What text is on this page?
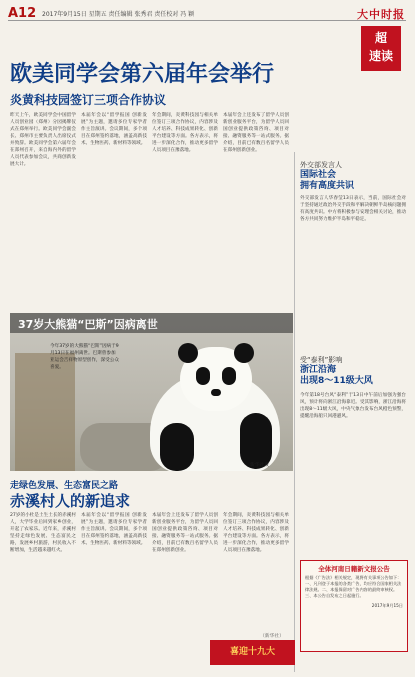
A12 2017年9月15日 星期五 责任编辑 张秀君 责任校对 冯 颖	大中时报
超
速读
欧美同学会第六届年会举行
炎黄科技园签订三项合作协议
昨天上午，欧美同学会中国留学人员创业园（郑州）分园揭牌仪式在郑州举行。欧美同学会副会长、郑州市主要负责人出席仪式并致辞。欧美同学会第六届年会在郑州召开，来自海内外的留学人员代表参加会议，共商创新发展大计。
本届年会以“留学报国 创新发展”为主题，邀请多位专家学者作主旨演讲。会议期间，多个项目在郑州签约落地，涵盖高新技术、生物医药、新材料等领域。
年会期间，炎黄科技园与相关单位签订三项合作协议，内容涉及人才培养、科技成果转化、创新平台建设等方面。各方表示，将进一步深化合作，推动更多留学人员项目在豫落地。
本届年会上还发布了留学人员创新创业服务平台，为留学人员回国创业提供政策咨询、项目对接、融资服务等一站式服务。据介绍，目前已有数百名留学人员在郑州创新创业。
外交部发言人
国际社会
拥有高度共识
外交部发言人华春莹13日表示，当前，国际社会对于坚持通过政治外交手段和平解决朝鲜半岛核问题拥有高度共识。中方将积极参与安理会相关讨论，推动各方共同努力维护半岛和平稳定。
受“泰利”影响
浙江沿海
出现8～11级大风
今年第18号台风“泰利”于13日中午前后加强为强台风，预计将向浙江沿海靠近。受其影响，浙江沿海将出现8～11级大风，中央气象台发布台风橙色预警，提醒沿海船只回港避风。
今年37岁的大熊猫“巴斯”因病于9月13日在福州离世。巴斯曾参加亚运会吉祥物原型创作，深受公众喜爱。
37岁大熊猫“巴斯”因病离世
新华社发
走绿色发展、生态富民之路
赤溪村人的新追求
27岁的小杜是土生土长的赤溪村人，大学毕业后回到家乡创业，开起了农家乐。近年来，赤溪村坚持走绿色发展、生态富民之路，发展乡村旅游，村民收入不断增加，生活越来越红火。
本届年会以“留学报国 创新发展”为主题，邀请多位专家学者作主旨演讲。会议期间，多个项目在郑州签约落地，涵盖高新技术、生物医药、新材料等领域。
本届年会上还发布了留学人员创新创业服务平台，为留学人员回国创业提供政策咨询、项目对接、融资服务等一站式服务。据介绍，目前已有数百名留学人员在郑州创新创业。
年会期间，炎黄科技园与相关单位签订三项合作协议，内容涉及人才培养、科技成果转化、创新平台建设等方面。各方表示，将进一步深化合作，推动更多留学人员项目在豫落地。
（新华社）
全体河南日籍新文报公告
根据《广告法》相关规定，现将有关事项公告如下：一、凡刊登于本报的各类广告，均应符合国家相关法律法规。二、本报保留对广告内容的最终审核权。三、本公告自发布之日起施行。
2017年9月15日
喜迎十九大
